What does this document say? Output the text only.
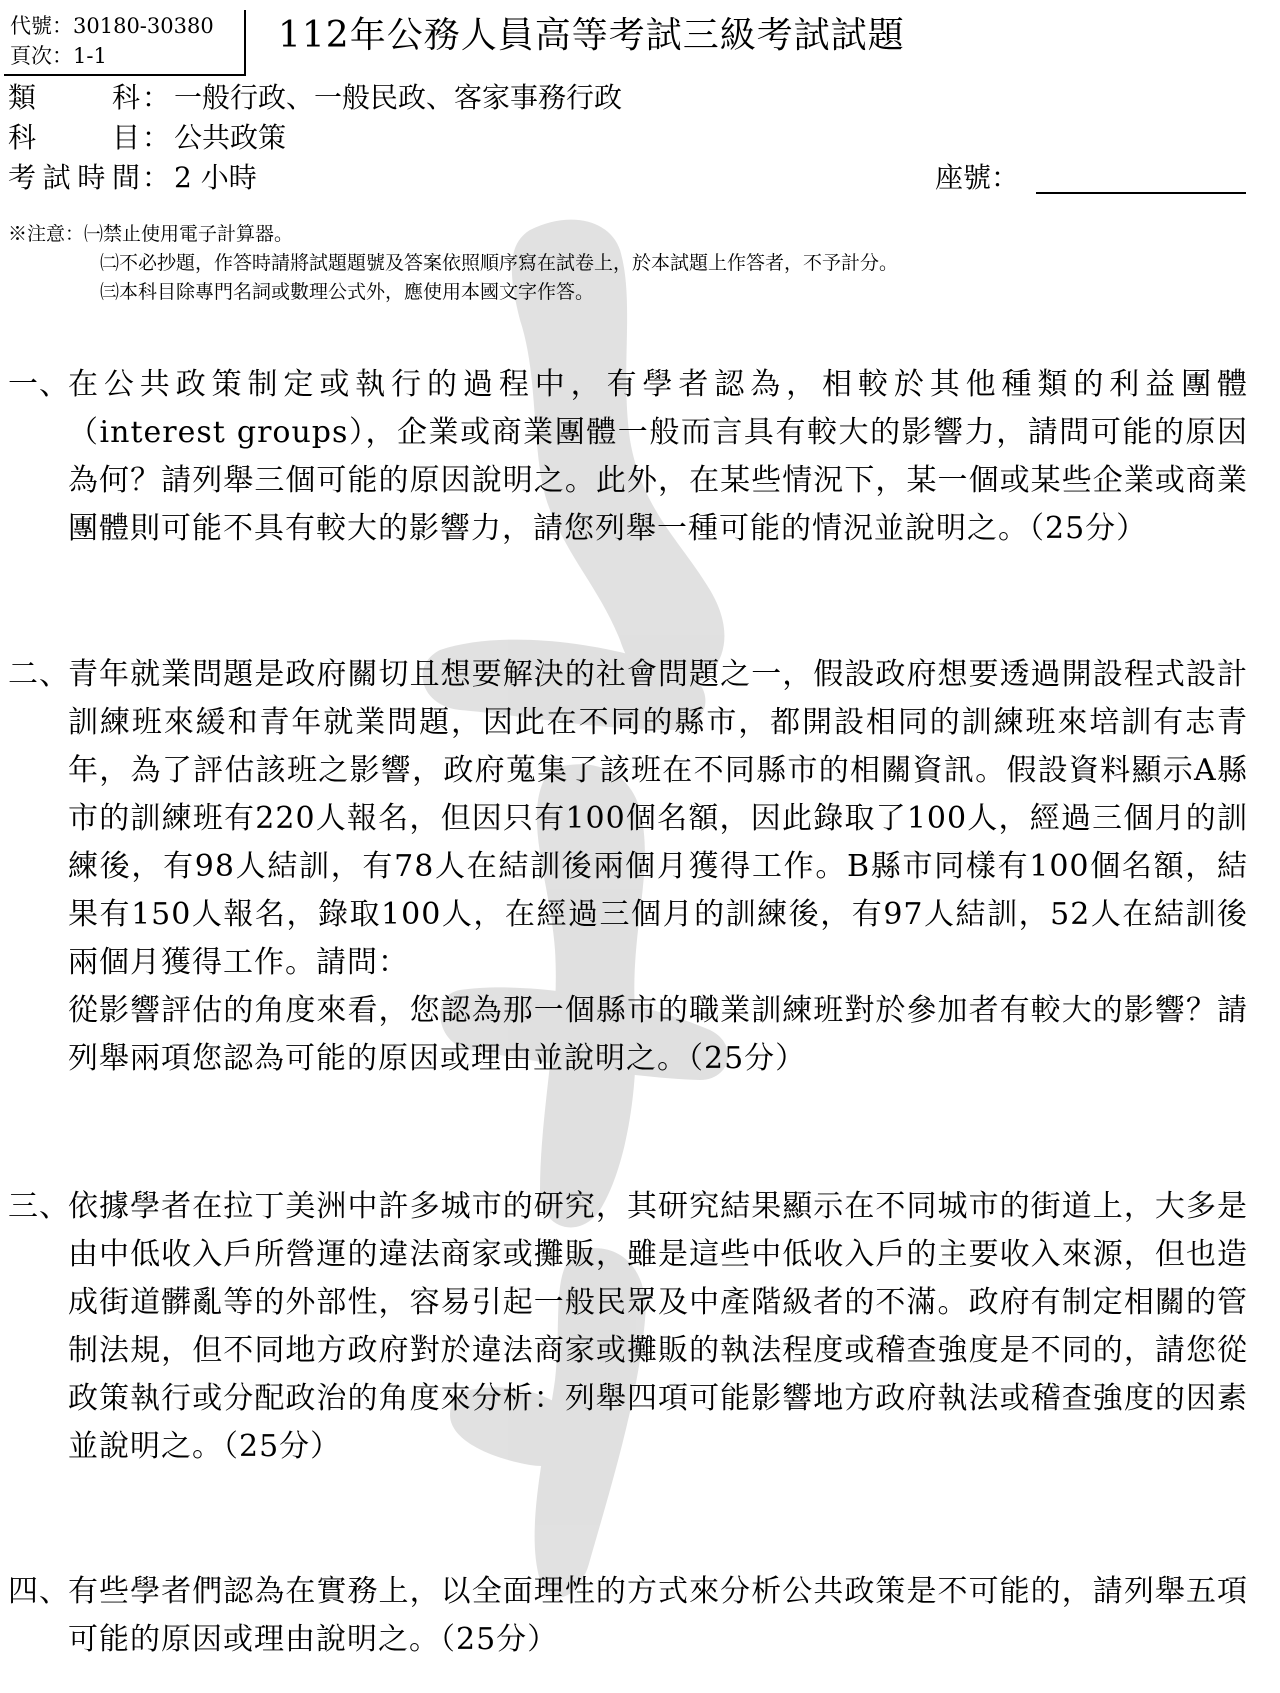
代號：30180-30380
頁次：1-1	112年公務人員高等考試三級考試試題
類　　科： 一般行政、一般民政、客家事務行政
科　　目： 公共政策
考試時間： 2 小時	座號：
※注意：㈠禁止使用電子計算器。
㈡不必抄題，作答時請將試題題號及答案依照順序寫在試卷上，於本試題上作答者，不予計分。
㈢本科目除專門名詞或數理公式外，應使用本國文字作答。
一、
在公共政策制定或執行的過程中，有學者認為，相較於其他種類的利益團體（interest groups），企業或商業團體一般而言具有較大的影響力，請問可能的原因為何？請列舉三個可能的原因說明之。此外，在某些情況下，某一個或某些企業或商業團體則可能不具有較大的影響力，請您列舉一種可能的情況並說明之。（25分）
二、
青年就業問題是政府關切且想要解決的社會問題之一，假設政府想要透過開設程式設計訓練班來緩和青年就業問題，因此在不同的縣市，都開設相同的訓練班來培訓有志青年，為了評估該班之影響，政府蒐集了該班在不同縣市的相關資訊。假設資料顯示A縣市的訓練班有220人報名，但因只有100個名額，因此錄取了100人，經過三個月的訓練後，有98人結訓，有78人在結訓後兩個月獲得工作。B縣市同樣有100個名額，結果有150人報名，錄取100人，在經過三個月的訓練後，有97人結訓，52人在結訓後兩個月獲得工作。請問：
從影響評估的角度來看，您認為那一個縣市的職業訓練班對於參加者有較大的影響？請列舉兩項您認為可能的原因或理由並說明之。（25分）
三、
依據學者在拉丁美洲中許多城市的研究，其研究結果顯示在不同城市的街道上，大多是由中低收入戶所營運的違法商家或攤販，雖是這些中低收入戶的主要收入來源，但也造成街道髒亂等的外部性，容易引起一般民眾及中產階級者的不滿。政府有制定相關的管制法規，但不同地方政府對於違法商家或攤販的執法程度或稽查強度是不同的，請您從政策執行或分配政治的角度來分析：列舉四項可能影響地方政府執法或稽查強度的因素並說明之。（25分）
四、
有些學者們認為在實務上，以全面理性的方式來分析公共政策是不可能的，請列舉五項可能的原因或理由說明之。（25分）
